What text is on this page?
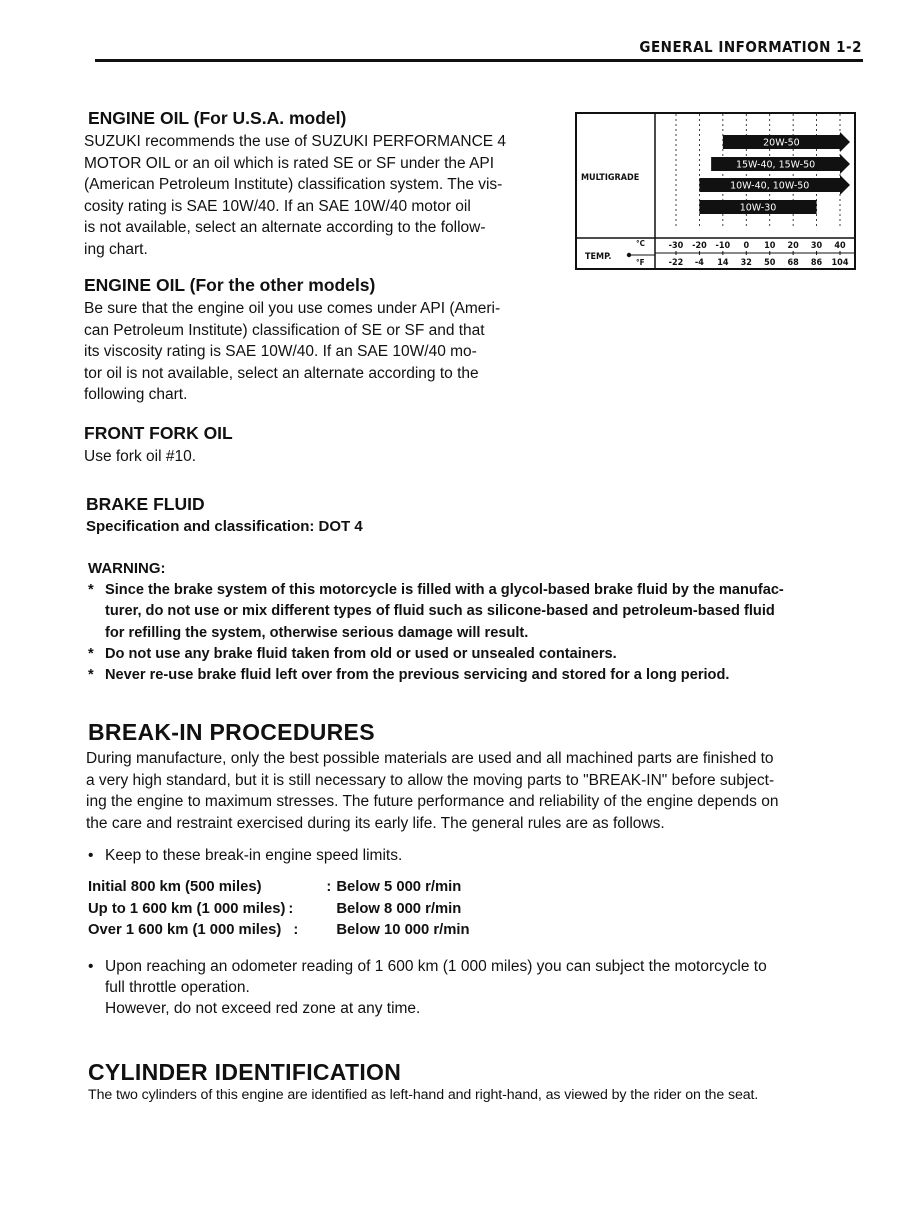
GENERAL INFORMATION 1-2
ENGINE OIL (For U.S.A. model)
SUZUKI recommends the use of SUZUKI PERFORMANCE 4
MOTOR OIL or an oil which is rated SE or SF under the API
(American Petroleum Institute) classification system. The vis-
cosity rating is SAE 10W/40. If an SAE 10W/40 motor oil
is not available, select an alternate according to the follow-
ing chart.
ENGINE OIL (For the other models)
Be sure that the engine oil you use comes under API (Ameri-
can Petroleum Institute) classification of SE or SF and that
its viscosity rating is SAE 10W/40. If an SAE 10W/40 mo-
tor oil is not available, select an alternate according to the
following chart.
FRONT FORK OIL
Use fork oil #10.
BRAKE FLUID
Specification and classification: DOT 4
WARNING:
* Since the brake system of this motorcycle is filled with a glycol-based brake fluid by the manufac-
turer, do not use or mix different types of fluid such as silicone-based and petroleum-based fluid
for refilling the system, otherwise serious damage will result.
* Do not use any brake fluid taken from old or used or unsealed containers.
* Never re-use brake fluid left over from the previous servicing and stored for a long period.
BREAK-IN PROCEDURES
During manufacture, only the best possible materials are used and all machined parts are finished to
a very high standard, but it is still necessary to allow the moving parts to "BREAK-IN" before subject-
ing the engine to maximum stresses. The future performance and reliability of the engine depends on
the care and restraint exercised during its early life. The general rules are as follows.
• Keep to these break-in engine speed limits.
Initial 800 km (500 miles)	:	Below 5 000 r/min
Up to 1 600 km (1 000 miles)	:	Below 8 000 r/min
Over 1 600 km (1 000 miles)	:	Below 10 000 r/min
• Upon reaching an odometer reading of 1 600 km (1 000 miles) you can subject the motorcycle to
full throttle operation.
However, do not exceed red zone at any time.
CYLINDER IDENTIFICATION
The two cylinders of this engine are identified as left-hand and right-hand, as viewed by the rider on the seat.
MULTIGRADE
TEMP.
°C
°F
20W-50
15W-40, 15W-50
10W-40, 10W-50
10W-30
-30
-22
-20
-4
-10
14
0
32
10
50
20
68
30
86
40
104
